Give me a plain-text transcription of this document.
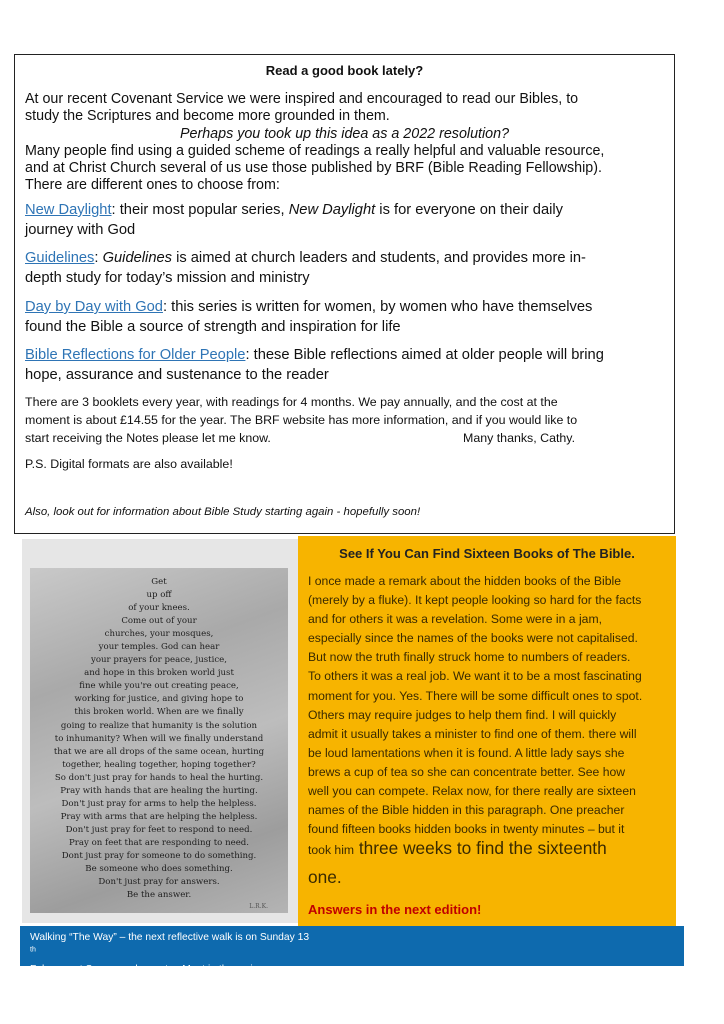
Read a good book lately?
At our recent Covenant Service we were inspired and encouraged to read our Bibles, to
study the Scriptures and become more grounded in them.
Perhaps you took up this idea as a 2022 resolution?
Many people find using a guided scheme of readings a really helpful and valuable resource,
and at Christ Church several of us use those published by BRF (Bible Reading Fellowship).
There are different ones to choose from:
New Daylight: their most popular series, New Daylight is for everyone on their daily
journey with God
Guidelines: Guidelines is aimed at church leaders and students, and provides more in-
depth study for today’s mission and ministry
Day by Day with God: this series is written for women, by women who have themselves
found the Bible a source of strength and inspiration for life
Bible Reflections for Older People: these Bible reflections aimed at older people will bring
hope, assurance and sustenance to the reader
There are 3 booklets every year, with readings for 4 months. We pay annually, and the cost at the
moment is about £14.55 for the year. The BRF website has more information, and if you would like to
start receiving the Notes please let me know.	Many thanks, Cathy.
P.S. Digital formats are also available!
Also, look out for information about Bible Study starting again - hopefully soon!
Get
up off
of your knees.
Come out of your
churches, your mosques,
your temples. God can hear
your prayers for peace, justice,
and hope in this broken world just
fine while you're out creating peace,
working for justice, and giving hope to
this broken world. When are we finally
going to realize that humanity is the solution
to inhumanity? When will we finally understand
that we are all drops of the same ocean, hurting
together, healing together, hoping together?
So don't just pray for hands to heal the hurting.
Pray with hands that are healing the hurting.
Don't just pray for arms to help the helpless.
Pray with arms that are helping the helpless.
Don't just pray for feet to respond to need.
Pray on feet that are responding to need.
Dont just pray for someone to do something.
Be someone who does something.
Don't just pray for answers.
Be the answer.
L.R.K.
See If You Can Find Sixteen Books of The Bible.
I once made a remark about the hidden books of the Bible
(merely by a fluke). It kept people looking so hard for the facts
and for others it was a revelation. Some were in a jam,
especially since the names of the books were not capitalised.
But now the truth finally struck home to numbers of readers.
To others it was a real job. We want it to be a most fascinating
moment for you. Yes. There will be some difficult ones to spot.
Others may require judges to help them find. I will quickly
admit it usually takes a minister to find one of them. there will
be loud lamentations when it is found. A little lady says she
brews a cup of tea so she can concentrate better. See how
well you can compete. Relax now, for there really are sixteen
names of the Bible hidden in this paragraph. One preacher
found fifteen books hidden books in twenty minutes – but it
took him three weeks to find the sixteenth
one.
Answers in the next edition!
Walking “The Way” – the next reflective walk is on Sunday 13
$^{th}$
February at Scammonden water. Meet in the main car
park at the top (Wood Edge car park) at 2 p.m. Please bring a flask for a drink after the walk.
